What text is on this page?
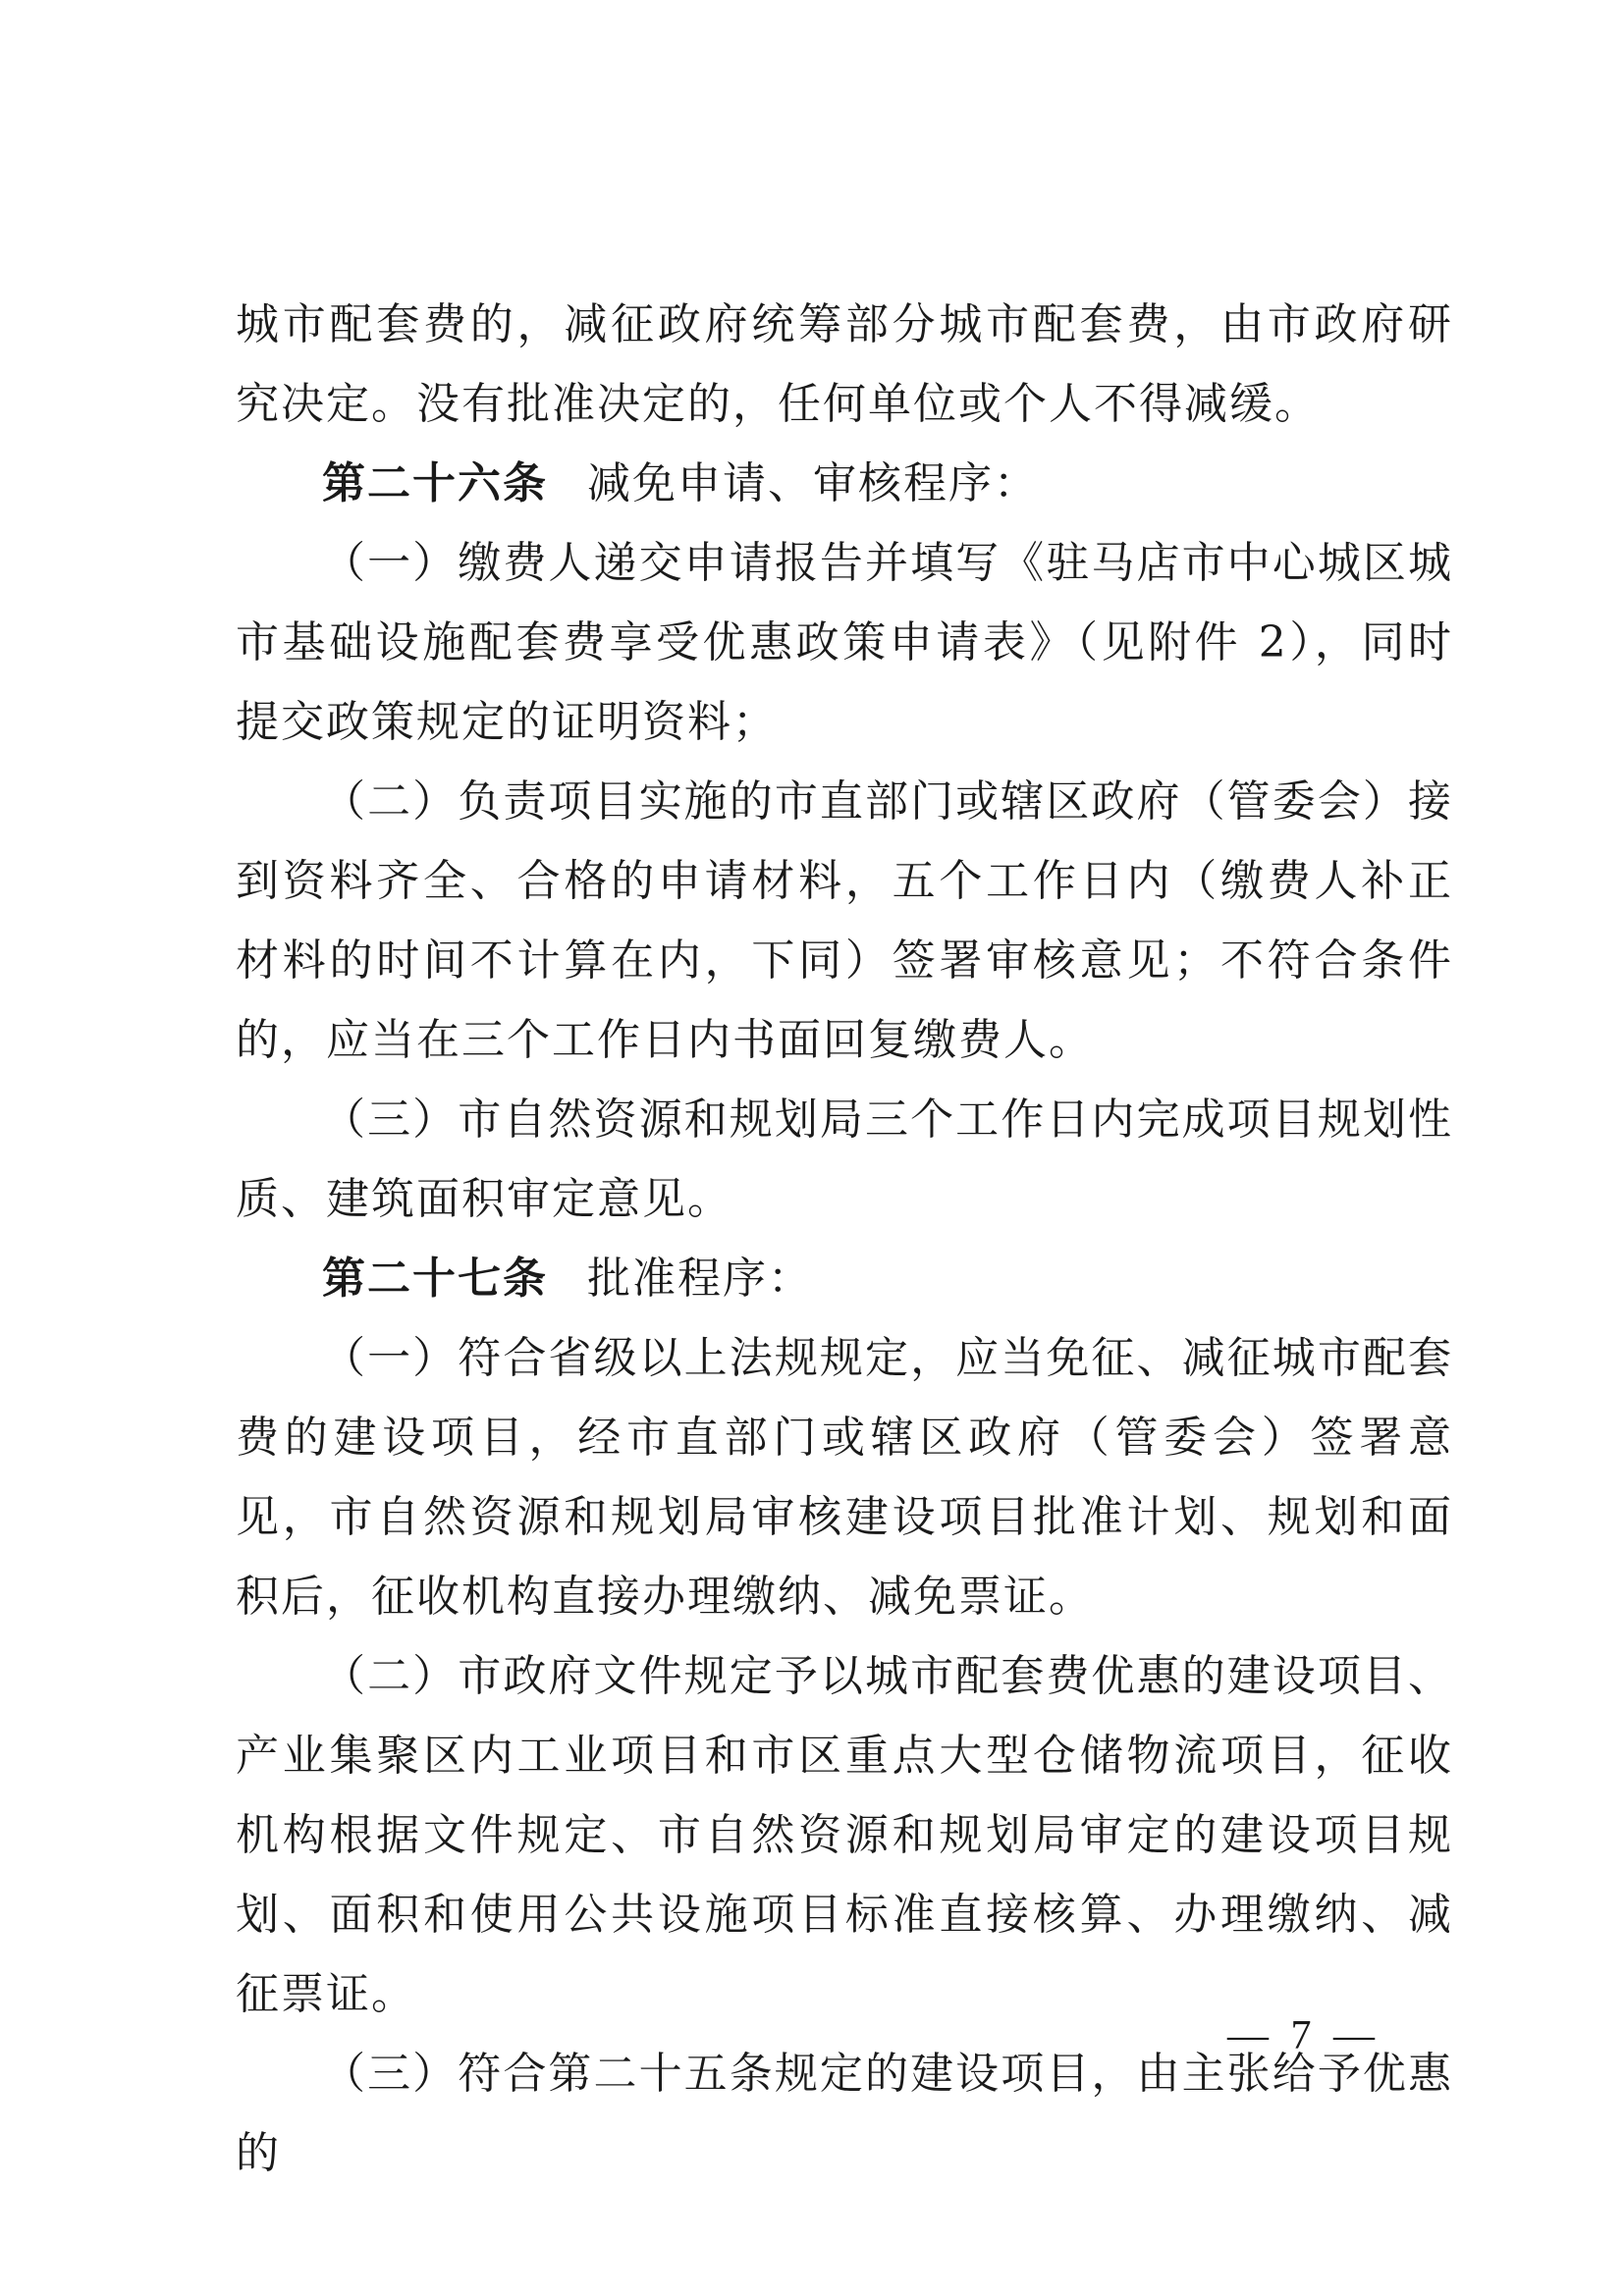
城市配套费的，减征政府统筹部分城市配套费，由市政府研究决定。没有批准决定的，任何单位或个人不得减缓。

第二十六条 减免申请、审核程序：

（一）缴费人递交申请报告并填写《驻马店市中心城区城市基础设施配套费享受优惠政策申请表》（见附件 2），同时提交政策规定的证明资料；

（二）负责项目实施的市直部门或辖区政府（管委会）接到资料齐全、合格的申请材料，五个工作日内（缴费人补正材料的时间不计算在内，下同）签署审核意见；不符合条件的，应当在三个工作日内书面回复缴费人。

（三）市自然资源和规划局三个工作日内完成项目规划性质、建筑面积审定意见。

第二十七条 批准程序：

（一）符合省级以上法规规定，应当免征、减征城市配套费的建设项目，经市直部门或辖区政府（管委会）签署意见，市自然资源和规划局审核建设项目批准计划、规划和面积后，征收机构直接办理缴纳、减免票证。

（二）市政府文件规定予以城市配套费优惠的建设项目、产业集聚区内工业项目和市区重点大型仓储物流项目，征收机构根据文件规定、市自然资源和规划局审定的建设项目规划、面积和使用公共设施项目标准直接核算、办理缴纳、减征票证。

（三）符合第二十五条规定的建设项目，由主张给予优惠的

— 7 —
